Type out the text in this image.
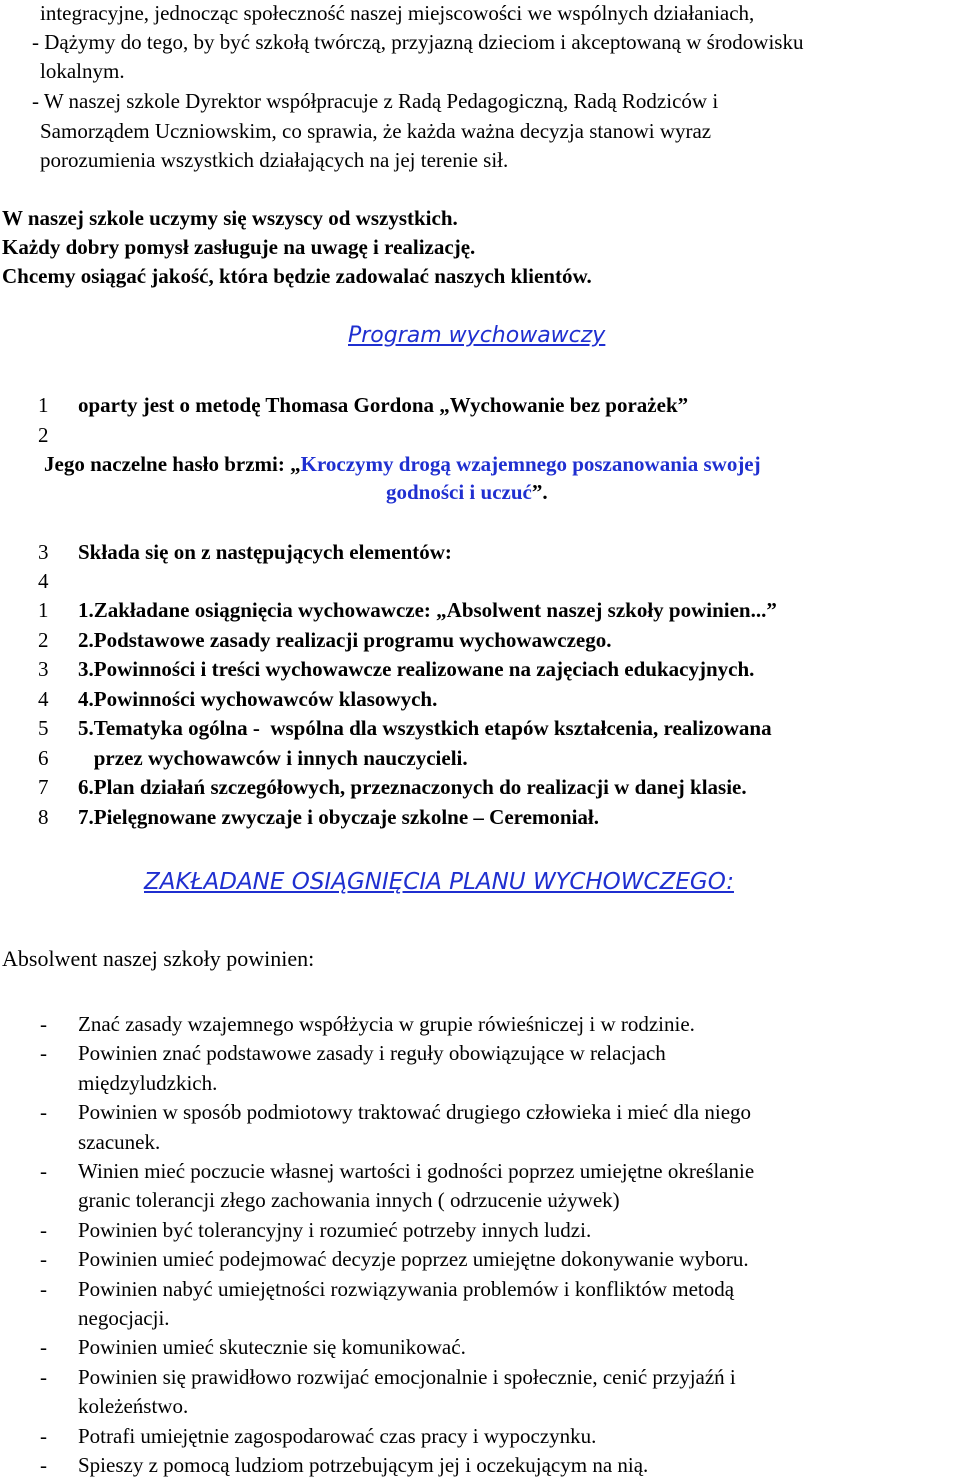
integracyjne, jednocząc społeczność naszej miejscowości we wspólnych działaniach,
- Dążymy do tego, by być szkołą twórczą, przyjazną dzieciom i akceptowaną w środowisku
lokalnym.
- W naszej szkole Dyrektor współpracuje z Radą Pedagogiczną, Radą Rodziców i
Samorządem Uczniowskim, co sprawia, że każda ważna decyzja stanowi wyraz
porozumienia wszystkich działających na jej terenie sił.
W naszej szkole uczymy się wszyscy od wszystkich.
Każdy dobry pomysł zasługuje na uwagę i realizację.
Chcemy osiągać jakość, która będzie zadowalać naszych klientów.
Program wychowawczy
1 oparty jest o metodę Thomasa Gordona „Wychowanie bez porażek”
2
Jego naczelne hasło brzmi: „Kroczymy drogą wzajemnego poszanowania swojej
godności i uczuć”.
3 Składa się on z następujących elementów:
4
1 1.Zakładane osiągnięcia wychowawcze: „Absolwent naszej szkoły powinien...”
2 2.Podstawowe zasady realizacji programu wychowawczego.
3 3.Powinności i treści wychowawcze realizowane na zajęciach edukacyjnych.
4 4.Powinności wychowawców klasowych.
5 5.Tematyka ogólna -  wspólna dla wszystkich etapów kształcenia, realizowana
6 przez wychowawców i innych nauczycieli.
7 6.Plan działań szczegółowych, przeznaczonych do realizacji w danej klasie.
8 7.Pielęgnowane zwyczaje i obyczaje szkolne – Ceremoniał.
ZAKŁADANE OSIĄGNIĘCIA PLANU WYCHOWCZEGO:
Absolwent naszej szkoły powinien:
- Znać zasady wzajemnego współżycia w grupie rówieśniczej i w rodzinie.
- Powinien znać podstawowe zasady i reguły obowiązujące w relacjach
międzyludzkich.
- Powinien w sposób podmiotowy traktować drugiego człowieka i mieć dla niego
szacunek.
- Winien mieć poczucie własnej wartości i godności poprzez umiejętne określanie
granic tolerancji złego zachowania innych ( odrzucenie używek)
- Powinien być tolerancyjny i rozumieć potrzeby innych ludzi.
- Powinien umieć podejmować decyzje poprzez umiejętne dokonywanie wyboru.
- Powinien nabyć umiejętności rozwiązywania problemów i konfliktów metodą
negocjacji.
- Powinien umieć skutecznie się komunikować.
- Powinien się prawidłowo rozwijać emocjonalnie i społecznie, cenić przyjaźń i
koleżeństwo.
- Potrafi umiejętnie zagospodarować czas pracy i wypoczynku.
- Spieszy z pomocą ludziom potrzebującym jej i oczekującym na nią.
